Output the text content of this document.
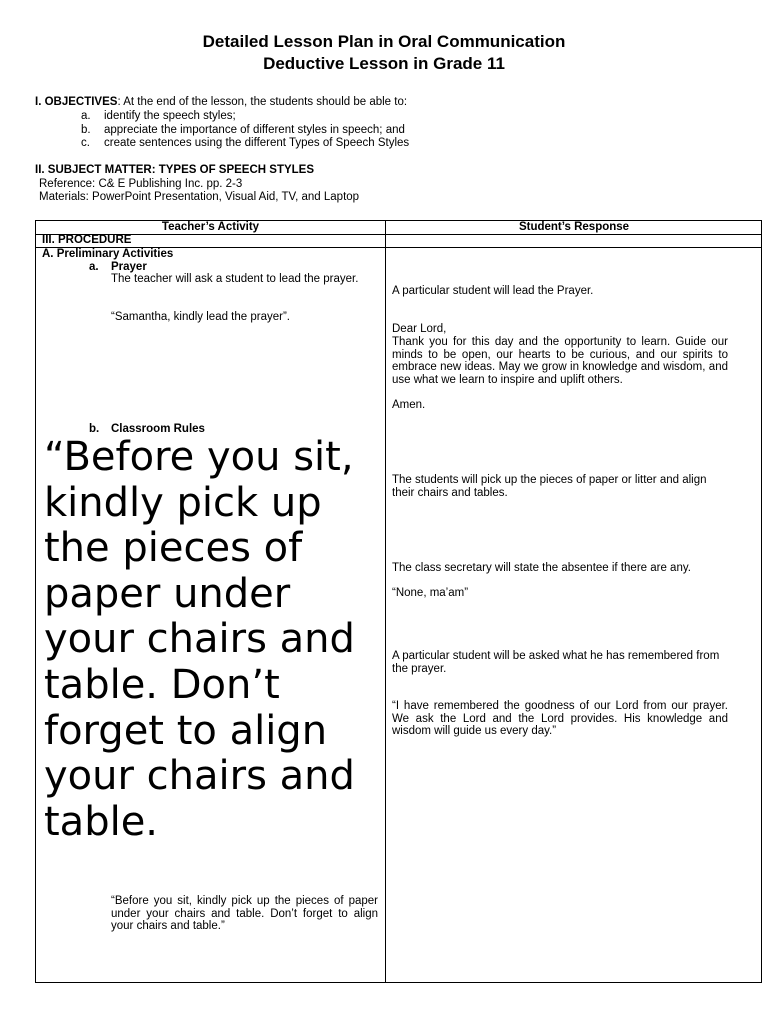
Detailed Lesson Plan in Oral Communication
Deductive Lesson in Grade 11
I. OBJECTIVES: At the end of the lesson, the students should be able to:
a. identify the speech styles;
b. appreciate the importance of different styles in speech; and
c. create sentences using the different Types of Speech Styles
II. SUBJECT MATTER: TYPES OF SPEECH STYLES
Reference: C& E Publishing Inc. pp. 2-3
Materials: PowerPoint Presentation, Visual Aid, TV, and Laptop
Teacher’s Activity	Student’s Response
III. PROCEDURE
A. Preliminary Activities
a. Prayer
The teacher will ask a student to lead the prayer.
“Samantha, kindly lead the prayer”.
b. Classroom Rules
“Before you sit, kindly pick up the pieces of paper under your chairs and table. Don’t forget to align your chairs and table.
“Before you sit, kindly pick up the pieces of paper under your chairs and table. Don’t forget to align your chairs and table.”
A particular student will lead the Prayer.
Dear Lord,
Thank you for this day and the opportunity to learn. Guide our minds to be open, our hearts to be curious, and our spirits to embrace new ideas. May we grow in knowledge and wisdom, and use what we learn to inspire and uplift others.
Amen.
The students will pick up the pieces of paper or litter and align their chairs and tables.
The class secretary will state the absentee if there are any.
“None, ma’am”
A particular student will be asked what he has remembered from the prayer.
“I have remembered the goodness of our Lord from our prayer. We ask the Lord and the Lord provides. His knowledge and wisdom will guide us every day.”
